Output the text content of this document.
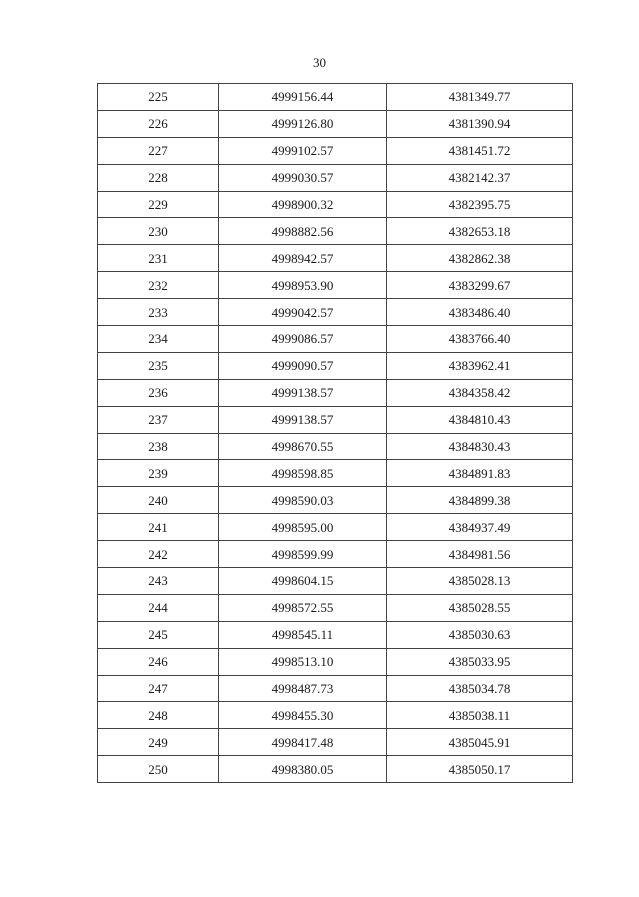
30
225	4999156.44	4381349.77
226	4999126.80	4381390.94
227	4999102.57	4381451.72
228	4999030.57	4382142.37
229	4998900.32	4382395.75
230	4998882.56	4382653.18
231	4998942.57	4382862.38
232	4998953.90	4383299.67
233	4999042.57	4383486.40
234	4999086.57	4383766.40
235	4999090.57	4383962.41
236	4999138.57	4384358.42
237	4999138.57	4384810.43
238	4998670.55	4384830.43
239	4998598.85	4384891.83
240	4998590.03	4384899.38
241	4998595.00	4384937.49
242	4998599.99	4384981.56
243	4998604.15	4385028.13
244	4998572.55	4385028.55
245	4998545.11	4385030.63
246	4998513.10	4385033.95
247	4998487.73	4385034.78
248	4998455.30	4385038.11
249	4998417.48	4385045.91
250	4998380.05	4385050.17
